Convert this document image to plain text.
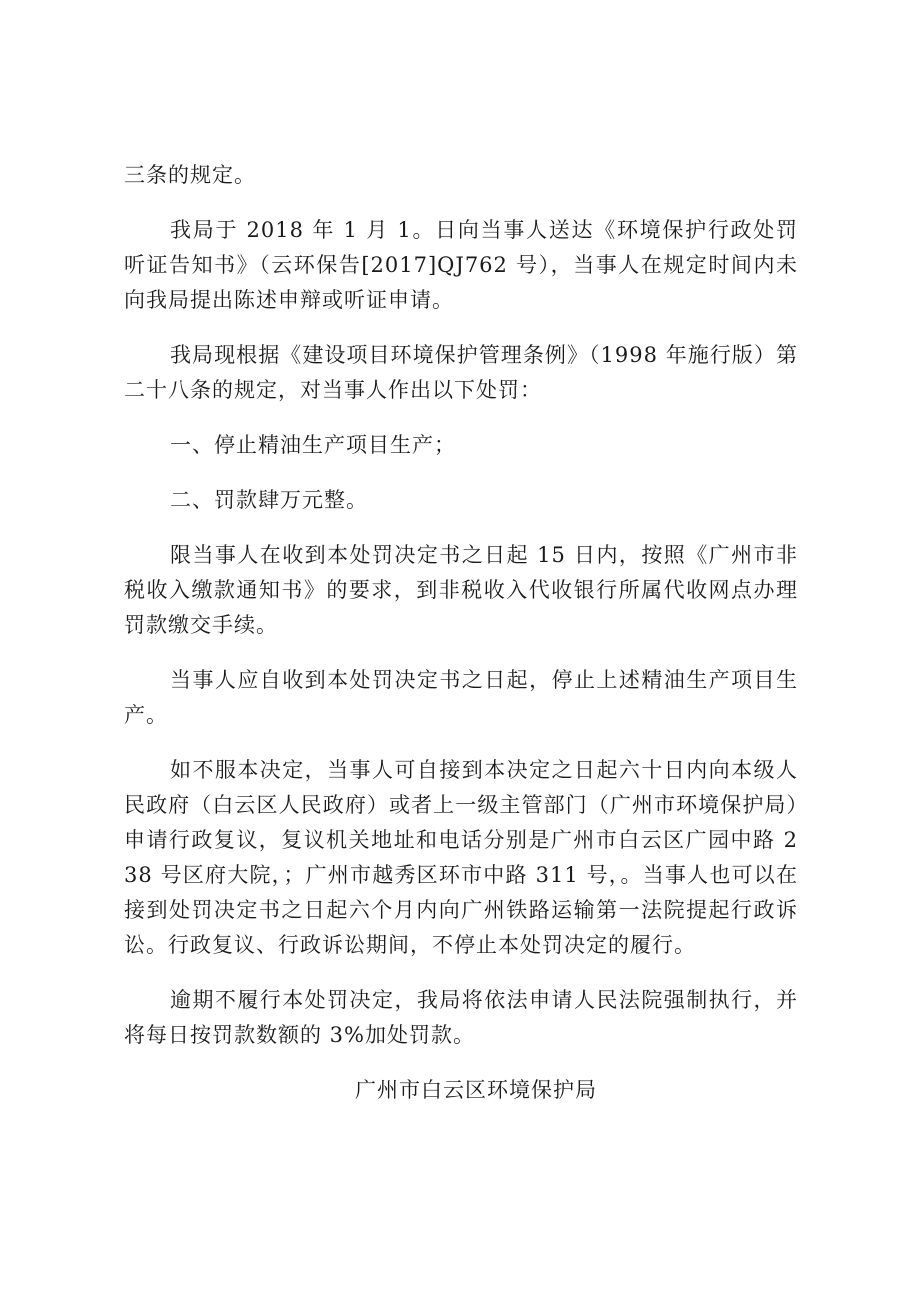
三条的规定。

我局于 2018 年 1 月 1。日向当事人送达《环境保护行政处罚听证告知书》（云环保告[2017]QJ762 号），当事人在规定时间内未向我局提出陈述申辩或听证申请。

我局现根据《建设项目环境保护管理条例》（1998 年施行版）第二十八条的规定，对当事人作出以下处罚：

一、停止精油生产项目生产；

二、罚款肆万元整。

限当事人在收到本处罚决定书之日起 15 日内，按照《广州市非税收入缴款通知书》的要求，到非税收入代收银行所属代收网点办理罚款缴交手续。

当事人应自收到本处罚决定书之日起，停止上述精油生产项目生产。

如不服本决定，当事人可自接到本决定之日起六十日内向本级人民政府（白云区人民政府）或者上一级主管部门（广州市环境保护局）申请行政复议，复议机关地址和电话分别是广州市白云区广园中路 238 号区府大院，；广州市越秀区环市中路 311 号，。当事人也可以在接到处罚决定书之日起六个月内向广州铁路运输第一法院提起行政诉讼。行政复议、行政诉讼期间，不停止本处罚决定的履行。

逾期不履行本处罚决定，我局将依法申请人民法院强制执行，并将每日按罚款数额的 3%加处罚款。

广州市白云区环境保护局
